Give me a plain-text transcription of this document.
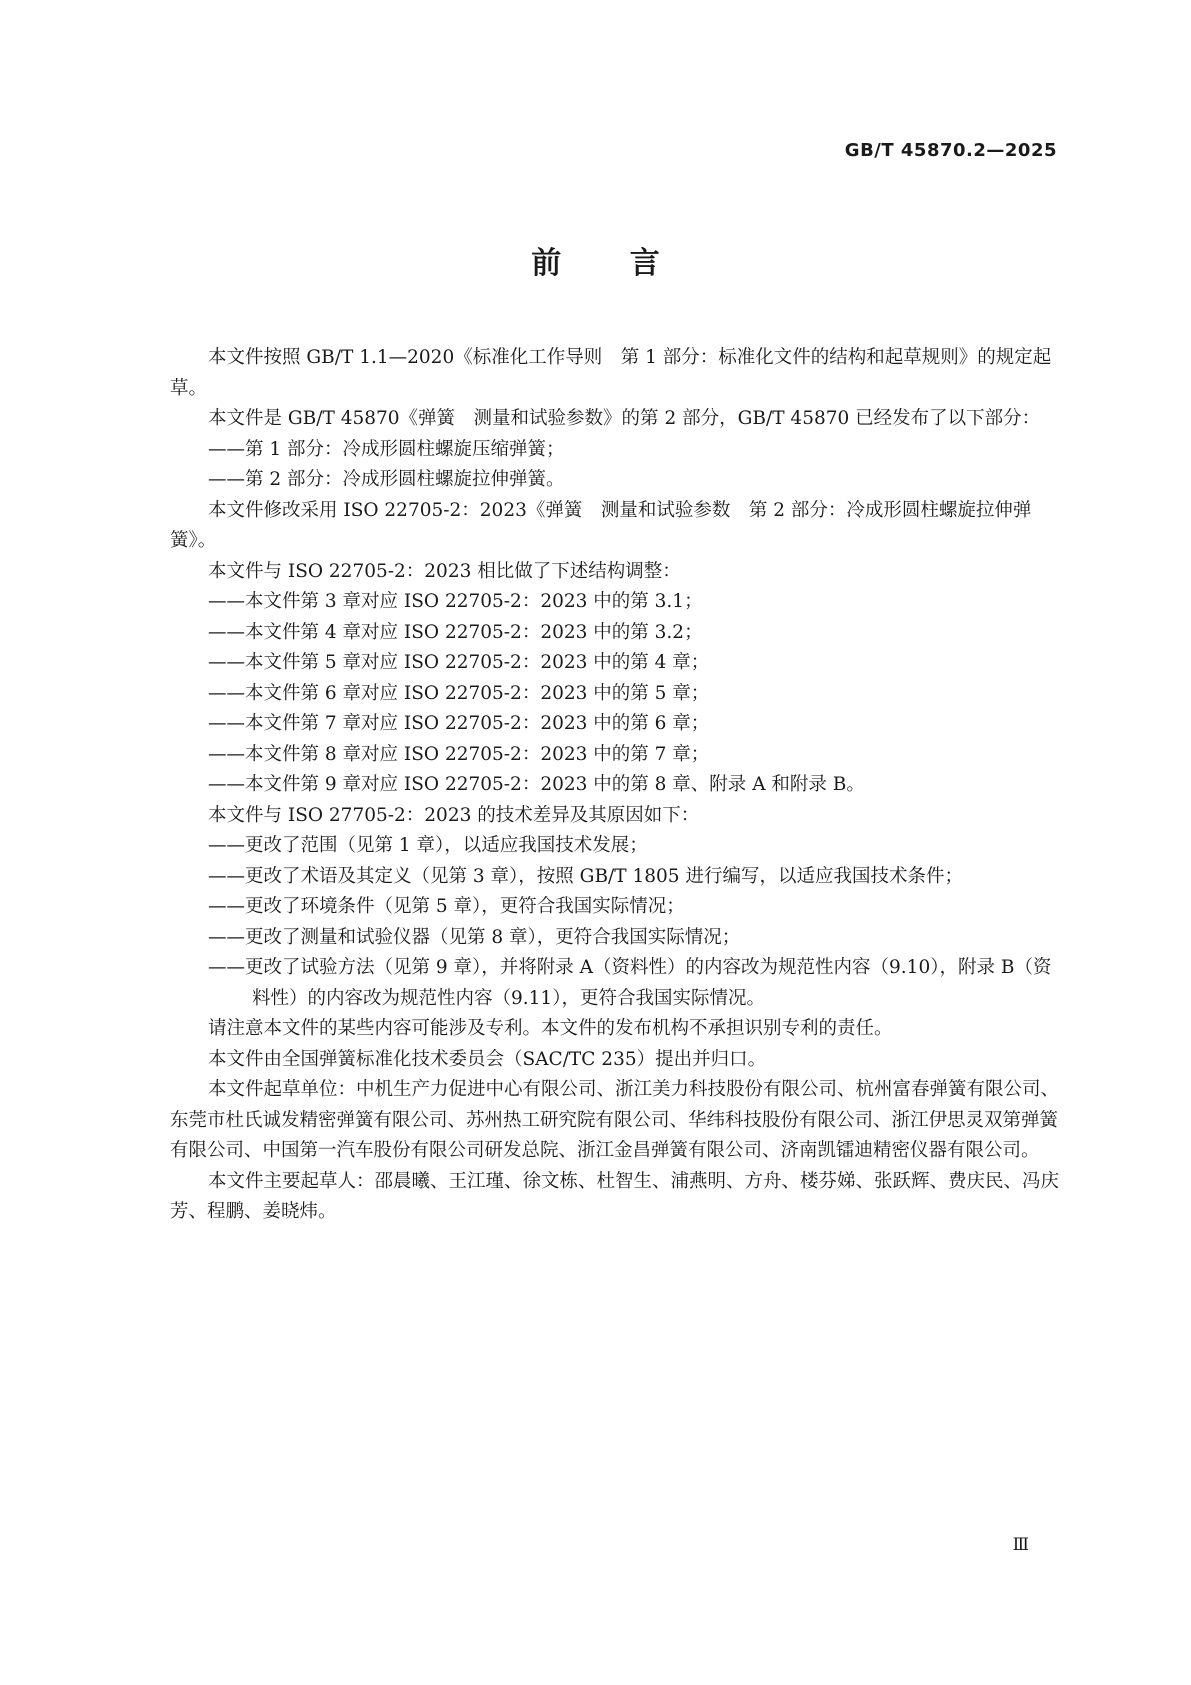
GB/T 45870.2—2025
前 言

本文件按照 GB/T 1.1—2020《标准化工作导则　第 1 部分：标准化文件的结构和起草规则》的规定起草。

本文件是 GB/T 45870《弹簧　测量和试验参数》的第 2 部分，GB/T 45870 已经发布了以下部分：

——第 1 部分：冷成形圆柱螺旋压缩弹簧；

——第 2 部分：冷成形圆柱螺旋拉伸弹簧。

本文件修改采用 ISO 22705-2：2023《弹簧　测量和试验参数　第 2 部分：冷成形圆柱螺旋拉伸弹簧》。

本文件与 ISO 22705-2：2023 相比做了下述结构调整：

——本文件第 3 章对应 ISO 22705-2：2023 中的第 3.1；

——本文件第 4 章对应 ISO 22705-2：2023 中的第 3.2；

——本文件第 5 章对应 ISO 22705-2：2023 中的第 4 章；

——本文件第 6 章对应 ISO 22705-2：2023 中的第 5 章；

——本文件第 7 章对应 ISO 22705-2：2023 中的第 6 章；

——本文件第 8 章对应 ISO 22705-2：2023 中的第 7 章；

——本文件第 9 章对应 ISO 22705-2：2023 中的第 8 章、附录 A 和附录 B。

本文件与 ISO 27705-2：2023 的技术差异及其原因如下：

——更改了范围（见第 1 章），以适应我国技术发展；

——更改了术语及其定义（见第 3 章），按照 GB/T 1805 进行编写，以适应我国技术条件；

——更改了环境条件（见第 5 章），更符合我国实际情况；

——更改了测量和试验仪器（见第 8 章），更符合我国实际情况；

——更改了试验方法（见第 9 章），并将附录 A（资料性）的内容改为规范性内容（9.10），附录 B（资料性）的内容改为规范性内容（9.11），更符合我国实际情况。

请注意本文件的某些内容可能涉及专利。本文件的发布机构不承担识别专利的责任。

本文件由全国弹簧标准化技术委员会（SAC/TC 235）提出并归口。

本文件起草单位：中机生产力促进中心有限公司、浙江美力科技股份有限公司、杭州富春弹簧有限公司、东莞市杜氏诚发精密弹簧有限公司、苏州热工研究院有限公司、华纬科技股份有限公司、浙江伊思灵双第弹簧有限公司、中国第一汽车股份有限公司研发总院、浙江金昌弹簧有限公司、济南凯镭迪精密仪器有限公司。

本文件主要起草人：邵晨曦、王江瑾、徐文栋、杜智生、浦燕明、方舟、楼芬娣、张跃辉、费庆民、冯庆芳、程鹏、姜晓炜。

Ⅲ
